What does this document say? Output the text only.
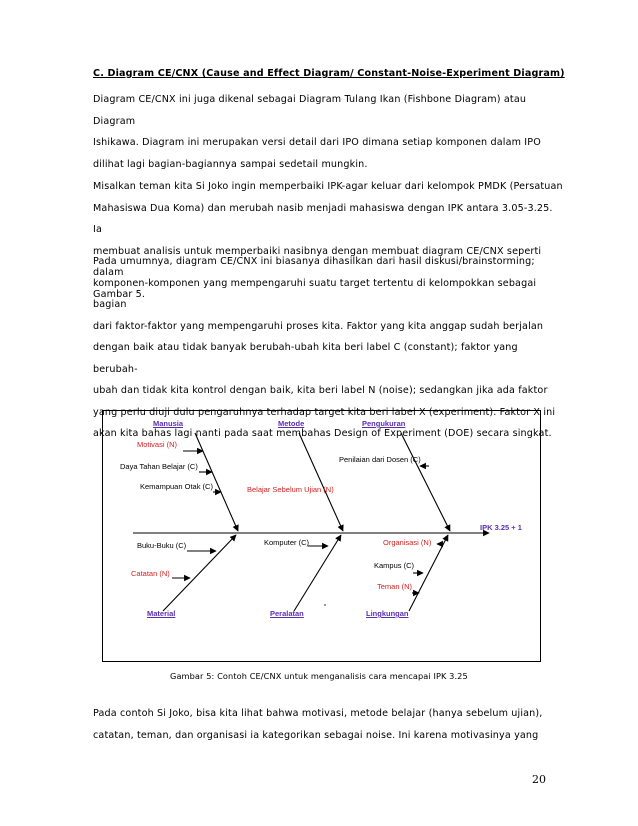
C. Diagram CE/CNX (Cause and Effect Diagram/ Constant-Noise-Experiment Diagram)

Diagram CE/CNX ini juga dikenal sebagai Diagram Tulang Ikan (Fishbone Diagram) atau Diagram

Ishikawa. Diagram ini merupakan versi detail dari IPO dimana setiap komponen dalam IPO

dilihat lagi bagian-bagiannya sampai sedetail mungkin.

Misalkan teman kita Si Joko ingin memperbaiki IPK-agar keluar dari kelompok PMDK (Persatuan

Mahasiswa Dua Koma) dan merubah nasib menjadi mahasiswa dengan IPK antara 3.05-3.25. Ia

membuat analisis untuk memperbaiki nasibnya dengan membuat diagram CE/CNX seperti dalam

Gambar 5.

Pada umumnya, diagram CE/CNX ini biasanya dihasilkan dari hasil diskusi/brainstorming;

komponen-komponen yang mempengaruhi suatu target tertentu di kelompokkan sebagai bagian

dari faktor-faktor yang mempengaruhi proses kita. Faktor yang kita anggap sudah berjalan

dengan baik atau tidak banyak berubah-ubah kita beri label C (constant); faktor yang berubah-

ubah dan tidak kita kontrol dengan baik, kita beri label N (noise); sedangkan jika ada faktor

yang perlu diuji dulu pengaruhnya terhadap target kita beri label X (experiment). Faktor X ini

akan kita bahas lagi nanti pada saat membahas Design of Experiment (DOE) secara singkat.

Manusia	Metode	Pengukuran
Motivasi (N)
Daya Tahan Belajar (C)
Kemampuan Otak (C)	Belajar Sebelum Ujian (N)
Penilaian dari Dosen (C)
IPK 3.25 + 1
Buku-Buku (C)
Catatan (N)
Komputer (C)	Organisasi (N)
Kampus (C)
Teman (N)
Material	Peralatan	Lingkungan
Gambar 5: Contoh CE/CNX untuk menganalisis cara mencapai IPK 3.25

Pada contoh Si Joko, bisa kita lihat bahwa motivasi, metode belajar (hanya sebelum ujian),

catatan, teman, dan organisasi ia kategorikan sebagai noise. Ini karena motivasinya yang

20
